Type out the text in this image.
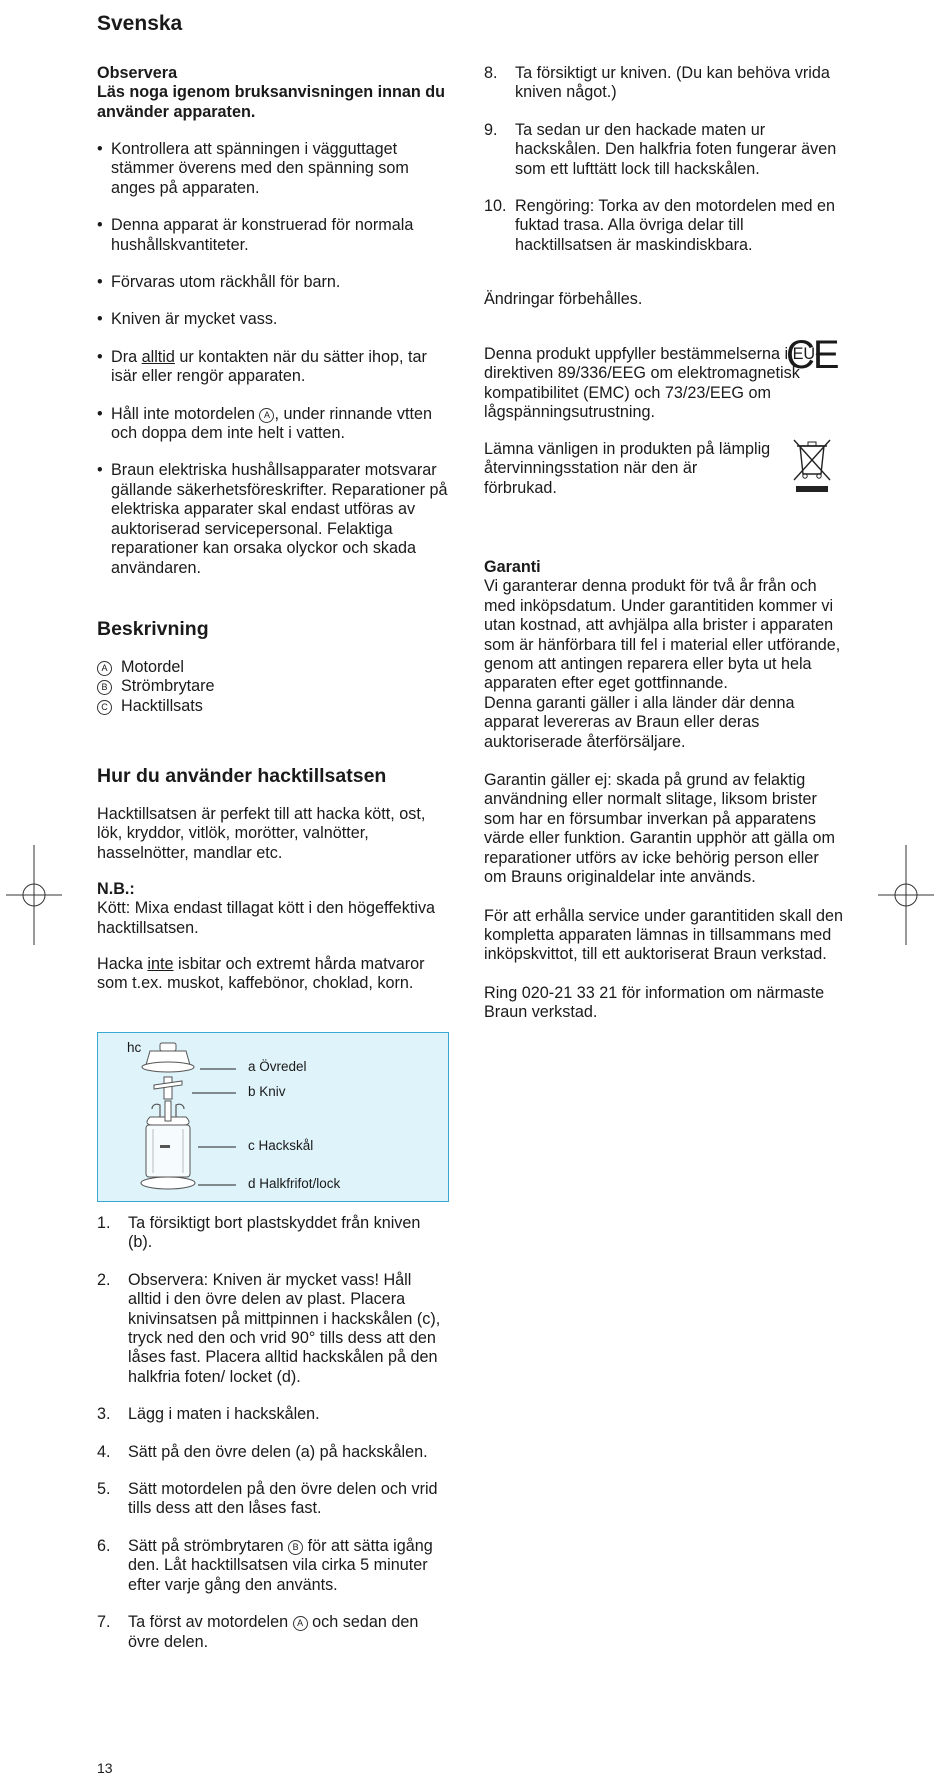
Svenska

Observera

Läs noga igenom bruksanvisningen innan du använder apparaten.

• Kontrollera att spänningen i vägguttaget stämmer överens med den spänning som anges på apparaten.
• Denna apparat är konstruerad för normala hushållskvantiteter.
• Förvaras utom räckhåll för barn.
• Kniven är mycket vass.
• Dra alltid ur kontakten när du sätter ihop, tar isär eller rengör apparaten.
• Håll inte motordelen A , under rinnande vtten och doppa dem inte helt i vatten.
• Braun elektriska hushållsapparater motsvarar gällande säkerhetsföreskrifter. Reparationer på elektriska apparater skal endast utföras av auktoriserad servicepersonal. Felaktiga reparationer kan orsaka olyckor och skada användaren.
Beskrivning
A Motordel
B Strömbrytare
C Hacktillsats
Hur du använder hacktillsatsen

Hacktillsatsen är perfekt till att hacka kött, ost, lök, kryddor, vitlök, morötter, valnötter, hasselnötter, mandlar etc.

N.B.:

Kött: Mixa endast tillagat kött i den högeffektiva hacktillsatsen.

Hacka inte isbitar och extremt hårda matvaror som t.ex. muskot, kaffebönor, choklad, korn.

hc
a Övredel
b Kniv
c Hackskål
d Halkfrifot/lock
1. Ta försiktigt bort plastskyddet från kniven (b).
2. Observera: Kniven är mycket vass! Håll alltid i den övre delen av plast. Placera knivinsatsen på mittpinnen i hackskålen (c), tryck ned den och vrid 90° tills dess att den låses fast. Placera alltid hackskålen på den halkfria foten/ locket (d).
3. Lägg i maten i hackskålen.
4. Sätt på den övre delen (a) på hackskålen.
5. Sätt motordelen på den övre delen och vrid tills dess att den låses fast.
6. Sätt på strömbrytaren B för att sätta igång den. Låt hacktillsatsen vila cirka 5 minuter efter varje gång den använts.
7. Ta först av motordelen A och sedan den övre delen.
8. Ta försiktigt ur kniven. (Du kan behöva vrida kniven något.)
9. Ta sedan ur den hackade maten ur hackskålen. Den halkfria foten fungerar även som ett lufttätt lock till hackskålen.
10. Rengöring: Torka av den motordelen med en fuktad trasa. Alla övriga delar till hacktillsatsen är maskindiskbara.

Ändringar förbehålles.

Denna produkt uppfyller bestämmelserna i EU-direktiven 89/336/EEG om elektromagnetisk kompatibilitet (EMC) och 73/23/EEG om lågspänningsutrustning.

CE

Lämna vänligen in produkten på lämplig återvinningsstation när den är förbrukad.

Garanti

Vi garanterar denna produkt för två år från och med inköpsdatum. Under garantitiden kommer vi utan kostnad, att avhjälpa alla brister i apparaten som är hänförbara till fel i material eller utförande, genom att antingen reparera eller byta ut hela apparaten efter eget gottfinnande.

Denna garanti gäller i alla länder där denna apparat levereras av Braun eller deras auktoriserade återförsäljare.

Garantin gäller ej: skada på grund av felaktig användning eller normalt slitage, liksom brister som har en försumbar inverkan på apparatens värde eller funktion. Garantin upphör att gälla om reparationer utförs av icke behörig person eller om Brauns originaldelar inte används.

För att erhålla service under garantitiden skall den kompletta apparaten lämnas in tillsammans med inköpskvittot, till ett auktoriserat Braun verkstad.

Ring 020-21 33 21 för information om närmaste Braun verkstad.

13
